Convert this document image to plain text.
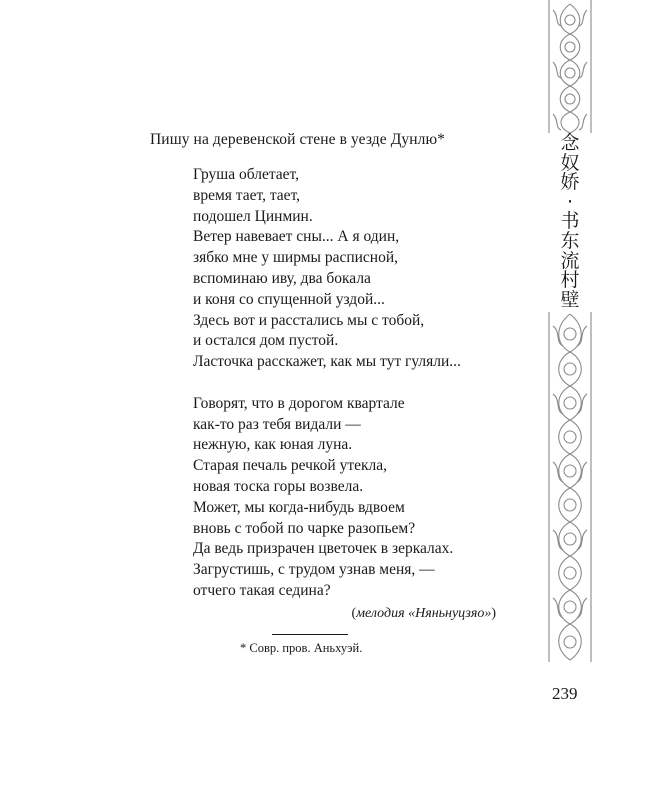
念
奴
娇
·
书
东
流
村
壁
Пишу на деревенской стене в уезде Дунлю*
Груша облетает,
время тает, тает,
подошел Цинмин.
Ветер навевает сны... А я один,
зябко мне у ширмы расписной,
вспоминаю иву, два бокала
и коня со спущенной уздой...
Здесь вот и расстались мы с тобой,
и остался дом пустой.
Ласточка расскажет, как мы тут гуляли...
Говорят, что в дорогом квартале
как-то раз тебя видали —
нежную, как юная луна.
Старая печаль речкой утекла,
новая тоска горы возвела.
Может, мы когда-нибудь вдвоем
вновь с тобой по чарке разопьем?
Да ведь призрачен цветочек в зеркалах.
Загрустишь, с трудом узнав меня, —
отчего такая седина?
(мелодия «Няньнуцзяо»)
* Совр. пров. Аньхуэй.
239
